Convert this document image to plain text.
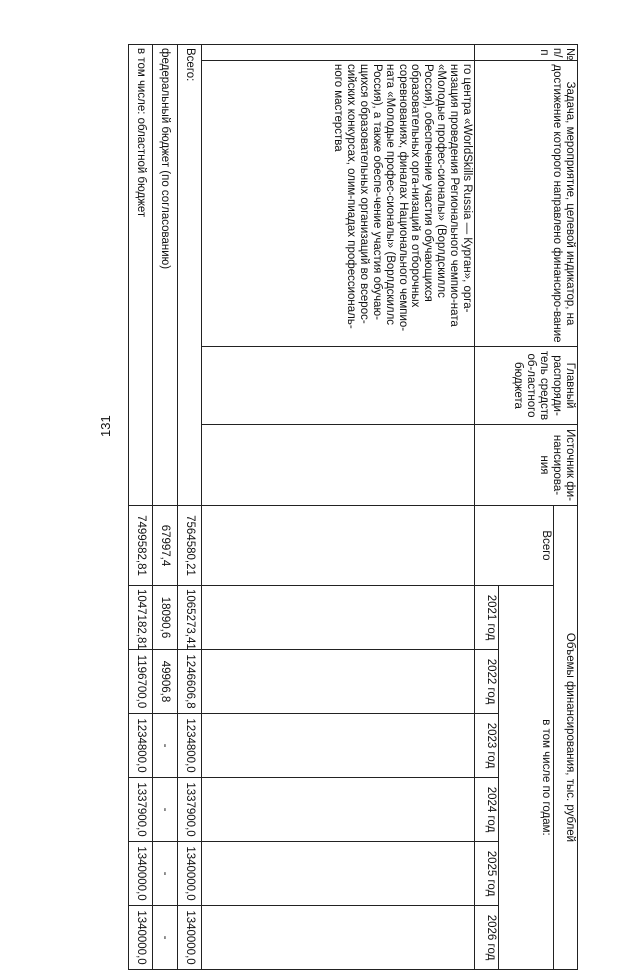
131
№ п/п	Задача, мероприятие, целевой индикатор, на достижение которого направлено финансиро-вание	Главный распоряди-тель средств об-ластного бюджета	Источник фи-нансирова-ния	Объемы финансирования, тыс. рублей						
				Всего	в том числе по годам:					
					2021 год	2022 год	2023 год	2024 год	2025 год	2026 год
	го центра «WorldSkills Russia — Курган», орга-низация проведения Регионального чемпио-ната «Молодые профес-сионалы» (Ворлдскиллс Россия), обеспечение участия обучающихся образовательных орга-низаций в отборочных соревнованиях, финалах Национального чемпио-ната «Молодые профес-сионалы» (Ворлдскиллс Россия), а также обеспе-чение участия обучаю-щихся образовательных организаций во всерос-сийских конкурсах, олим-пиадах профессиональ-ного мастерства									
Всего:				7564580,21	1065273,41	1246606,8	1234800,0	1337900,0	1340000,0	1340000,0
федеральный бюджет (по согласованию)				67997,4	18090,6	49906,8	-	-	-	-
в том числе: областной бюджет				7499582,81	1047182,81	1196700,0	1234800,0	1337900,0	1340000,0	1340000,0
